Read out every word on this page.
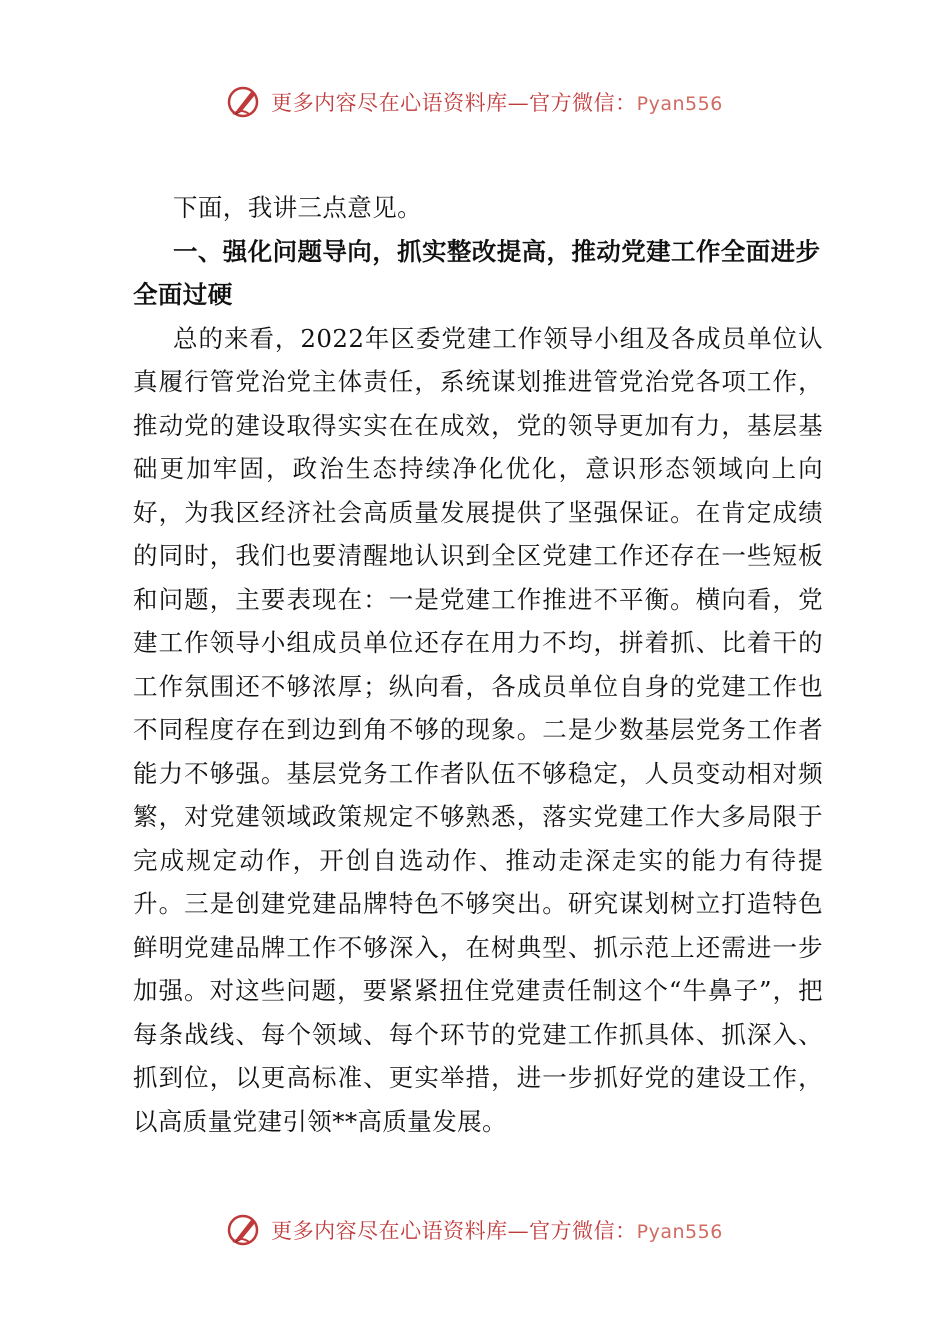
更多内容尽在心语资料库—官方微信：Pyan556

下面，我讲三点意见。

一、强化问题导向，抓实整改提高，推动党建工作全面进步全面过硬

总的来看，2022年区委党建工作领导小组及各成员单位认真履行管党治党主体责任，系统谋划推进管党治党各项工作，推动党的建设取得实实在在成效，党的领导更加有力，基层基础更加牢固，政治生态持续净化优化，意识形态领域向上向好，为我区经济社会高质量发展提供了坚强保证。在肯定成绩的同时，我们也要清醒地认识到全区党建工作还存在一些短板和问题，主要表现在：一是党建工作推进不平衡。横向看，党建工作领导小组成员单位还存在用力不均，拼着抓、比着干的工作氛围还不够浓厚；纵向看，各成员单位自身的党建工作也不同程度存在到边到角不够的现象。二是少数基层党务工作者能力不够强。基层党务工作者队伍不够稳定，人员变动相对频繁，对党建领域政策规定不够熟悉，落实党建工作大多局限于完成规定动作，开创自选动作、推动走深走实的能力有待提升。三是创建党建品牌特色不够突出。研究谋划树立打造特色鲜明党建品牌工作不够深入，在树典型、抓示范上还需进一步加强。对这些问题，要紧紧扭住党建责任制这个“牛鼻子”，把每条战线、每个领域、每个环节的党建工作抓具体、抓深入、抓到位，以更高标准、更实举措，进一步抓好党的建设工作，以高质量党建引领**高质量发展。

更多内容尽在心语资料库—官方微信：Pyan556
